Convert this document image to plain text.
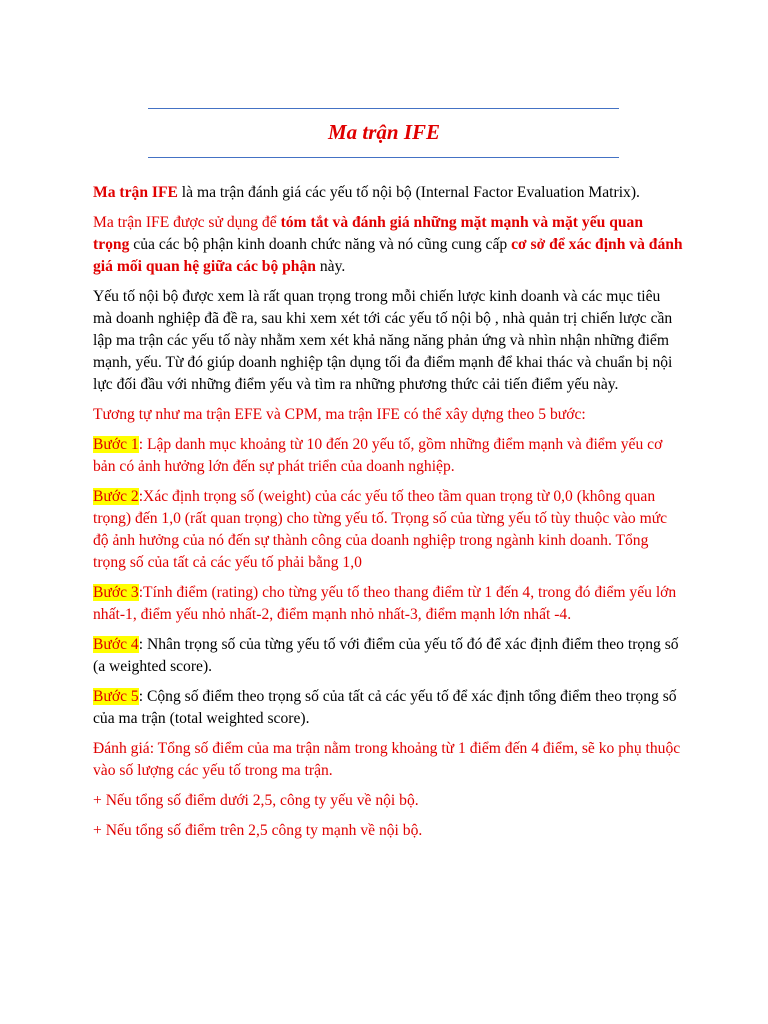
Ma trận IFE

Ma trận IFE là ma trận đánh giá các yếu tố nội bộ (Internal Factor Evaluation Matrix).

Ma trận IFE được sử dụng để tóm tắt và đánh giá những mặt mạnh và mặt yếu quan trọng của các bộ phận kinh doanh chức năng và nó cũng cung cấp cơ sở để xác định và đánh giá mối quan hệ giữa các bộ phận này.

Yếu tố nội bộ được xem là rất quan trọng trong mỗi chiến lược kinh doanh và các mục tiêu mà doanh nghiệp đã đề ra, sau khi xem xét tới các yếu tố nội bộ , nhà quản trị chiến lược cần lập ma trận các yếu tố này nhằm xem xét khả năng năng phản ứng và nhìn nhận những điểm mạnh, yếu. Từ đó giúp doanh nghiệp tận dụng tối đa điểm mạnh để khai thác và chuẩn bị nội lực đối đầu với những điểm yếu và tìm ra những phương thức cải tiến điểm yếu này.

Tương tự như ma trận EFE và CPM, ma trận IFE có thể xây dựng theo 5 bước:

Bước 1: Lập danh mục khoảng từ 10 đến 20 yếu tố, gồm những điểm mạnh và điểm yếu cơ bản có ảnh hưởng lớn đến sự phát triển của doanh nghiệp.

Bước 2:Xác định trọng số (weight) của các yếu tố theo tầm quan trọng từ 0,0 (không quan trọng) đến 1,0 (rất quan trọng) cho từng yếu tố. Trọng số của từng yếu tố tùy thuộc vào mức độ ảnh hưởng của nó đến sự thành công của doanh nghiệp trong ngành kinh doanh. Tổng trọng số của tất cả các yếu tố phải bằng 1,0

Bước 3:Tính điểm (rating) cho từng yếu tố theo thang điểm từ 1 đến 4, trong đó điểm yếu lớn nhất-1, điểm yếu nhỏ nhất-2, điểm mạnh nhỏ nhất-3, điểm mạnh lớn nhất -4.

Bước 4: Nhân trọng số của từng yếu tố với điểm của yếu tố đó để xác định điểm theo trọng số (a weighted score).

Bước 5: Cộng số điểm theo trọng số của tất cả các yếu tố để xác định tổng điểm theo trọng số của ma trận (total weighted score).

Đánh giá: Tổng số điểm của ma trận nằm trong khoảng từ 1 điểm đến 4 điểm, sẽ ko phụ thuộc vào số lượng các yếu tố trong ma trận.

+ Nếu tổng số điểm dưới 2,5, công ty yếu về nội bộ.

+ Nếu tổng số điểm trên 2,5 công ty mạnh về nội bộ.
